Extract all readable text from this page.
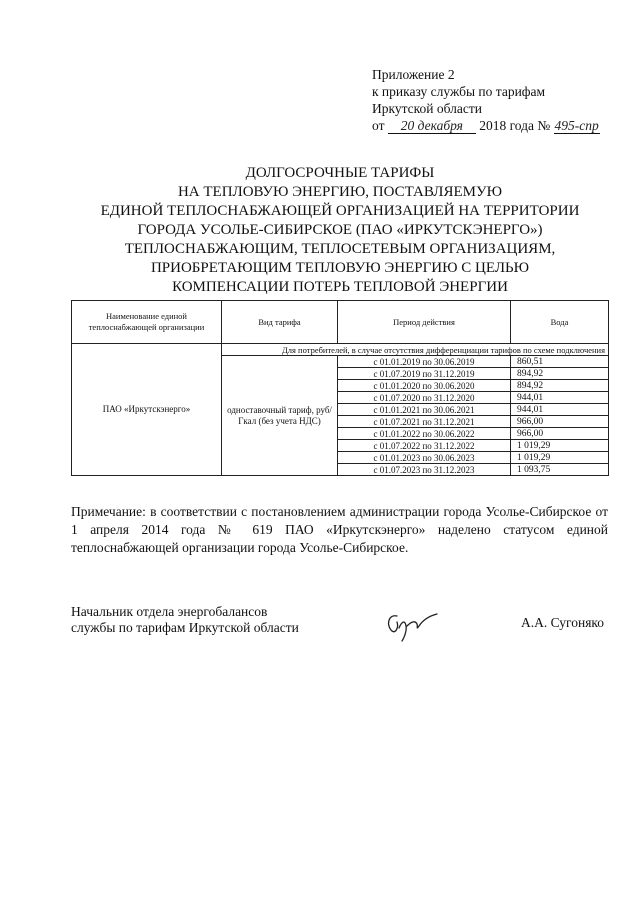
Приложение 2
к приказу службы по тарифам
Иркутской области
от 20 декабря 2018 года № 495-спр
ДОЛГОСРОЧНЫЕ ТАРИФЫ
НА ТЕПЛОВУЮ ЭНЕРГИЮ, ПОСТАВЛЯЕМУЮ
ЕДИНОЙ ТЕПЛОСНАБЖАЮЩЕЙ ОРГАНИЗАЦИЕЙ НА ТЕРРИТОРИИ
ГОРОДА УСОЛЬЕ-СИБИРСКОЕ (ПАО «ИРКУТСКЭНЕРГО»)
ТЕПЛОСНАБЖАЮЩИМ, ТЕПЛОСЕТЕВЫМ ОРГАНИЗАЦИЯМ,
ПРИОБРЕТАЮЩИМ ТЕПЛОВУЮ ЭНЕРГИЮ С ЦЕЛЬЮ
КОМПЕНСАЦИИ ПОТЕРЬ ТЕПЛОВОЙ ЭНЕРГИИ
Наименование единой теплоснабжающей организации	Вид тарифа	Период действия	Вода
ПАО «Иркутскэнерго»	Для потребителей, в случае отсутствия дифференциации тарифов по схеме подключения		
	одноставочный тариф, руб/Гкал (без учета НДС)	с 01.01.2019 по 30.06.2019	860,51
		с 01.07.2019 по 31.12.2019	894,92
		с 01.01.2020 по 30.06.2020	894,92
		с 01.07.2020 по 31.12.2020	944,01
		с 01.01.2021 по 30.06.2021	944,01
		с 01.07.2021 по 31.12.2021	966,00
		с 01.01.2022 по 30.06.2022	966,00
		с 01.07.2022 по 31.12.2022	1 019,29
		с 01.01.2023 по 30.06.2023	1 019,29
		с 01.07.2023 по 31.12.2023	1 093,75
Примечание: в соответствии с постановлением администрации города Усолье-Сибирское от 1 апреля 2014 года № 619 ПАО «Иркутскэнерго» наделено статусом единой теплоснабжающей организации города Усолье-Сибирское.
Начальник отдела энергобалансов
службы по тарифам Иркутской области	А.А. Сугоняко
